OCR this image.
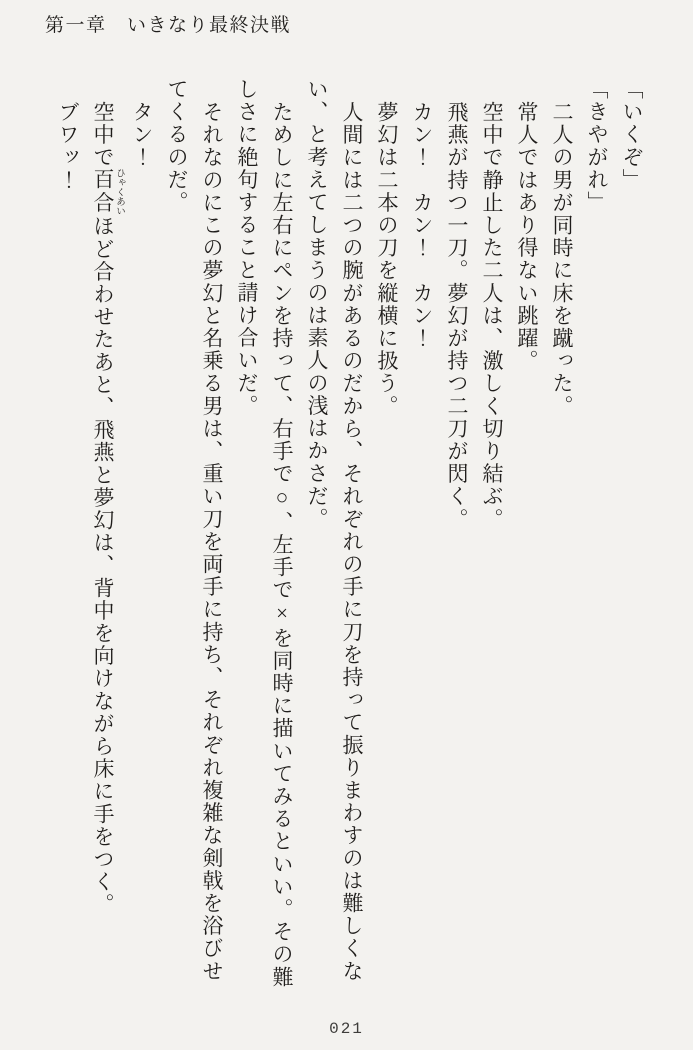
第一章　いきなり最終決戦
「いくぞ」
「きやがれ」
二人の男が同時に床を蹴った。
常人ではあり得ない跳躍。
空中で静止した二人は、激しく切り結ぶ。
飛燕が持つ一刀。夢幻が持つ二刀が閃く。
カン！　カン！　カン！
夢幻は二本の刀を縦横に扱う。
人間には二つの腕があるのだから、それぞれの手に刀を持って振りまわすのは難しくな
い、と考えてしまうのは素人の浅はかさだ。
ためしに左右にペンを持って、右手で○、左手で×を同時に描いてみるといい。その難
しさに絶句すること請け合いだ。
それなのにこの夢幻と名乗る男は、重い刀を両手に持ち、それぞれ複雑な剣戟を浴びせ
てくるのだ。
タン！
空中で百合 ひゃくあいほど合わせたあと、飛燕と夢幻は、背中を向けながら床に手をつく。
ブワッ！
021
